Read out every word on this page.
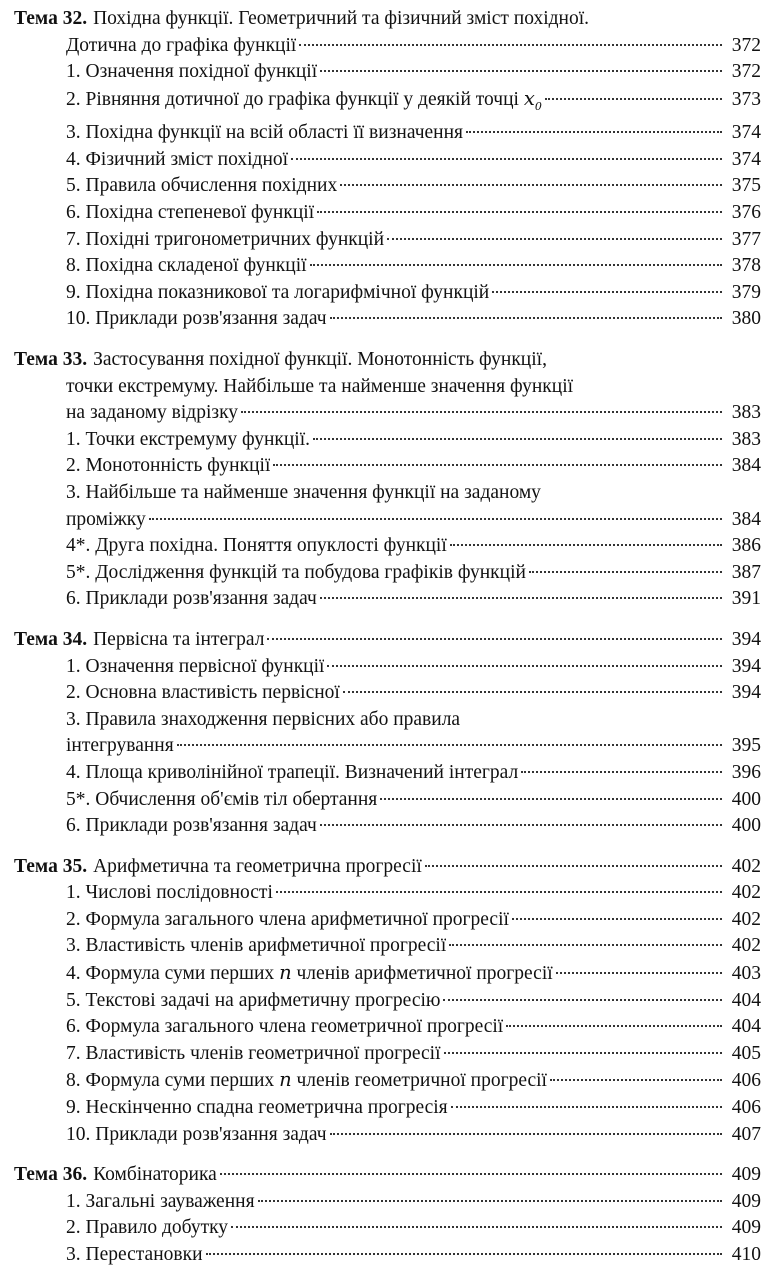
Тема 32. Похідна функції. Геометричний та фізичний зміст похідної.
Дотична до графіка функції	372
1. Означення похідної функції	372
2. Рівняння дотичної до графіка функції у деякій точці $x_0$	373
3. Похідна функції на всій області її визначення	374
4. Фізичний зміст похідної	374
5. Правила обчислення похідних	375
6. Похідна степеневої функції	376
7. Похідні тригонометричних функцій	377
8. Похідна складеної функції	378
9. Похідна показникової та логарифмічної функцій	379
10. Приклади розв'язання задач	380
Тема 33. Застосування похідної функції. Монотонність функції,
точки екстремуму. Найбільше та найменше значення функції
на заданому відрізку	383
1. Точки екстремуму функції.	383
2. Монотонність функції	384
3. Найбільше та найменше значення функції на заданому
проміжку	384
4*. Друга похідна. Поняття опуклості функції	386
5*. Дослідження функцій та побудова графіків функцій	387
6. Приклади розв'язання задач	391
Тема 34. Первісна та інтеграл	394
1. Означення первісної функції	394
2. Основна властивість первісної	394
3. Правила знаходження первісних або правила
інтегрування	395
4. Площа криволінійної трапеції. Визначений інтеграл	396
5*. Обчислення об'ємів тіл обертання	400
6. Приклади розв'язання задач	400
Тема 35. Арифметична та геометрична прогресії	402
1. Числові послідовності	402
2. Формула загального члена арифметичної прогресії	402
3. Властивість членів арифметичної прогресії	402
4. Формула суми перших n членів арифметичної прогресії	403
5. Текстові задачі на арифметичну прогресію	404
6. Формула загального члена геометричної прогресії	404
7. Властивість членів геометричної прогресії	405
8. Формула суми перших n членів геометричної прогресії	406
9. Нескінченно спадна геометрична прогресія	406
10. Приклади розв'язання задач	407
Тема 36. Комбінаторика	409
1. Загальні зауваження	409
2. Правило добутку	409
3. Перестановки	410
